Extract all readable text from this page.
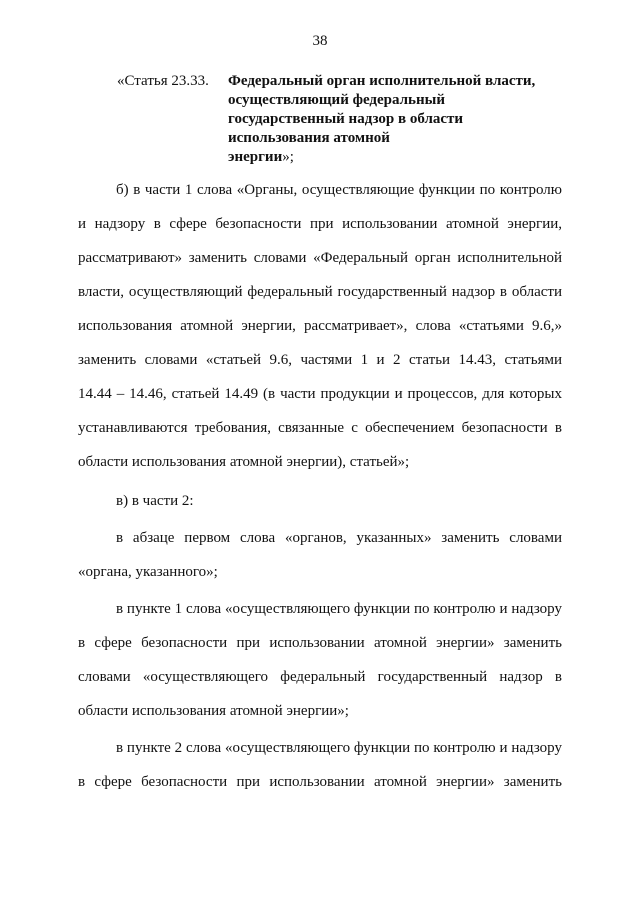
38
«Статья 23.33. Федеральный орган исполнительной власти,
осуществляющий федеральный
государственный надзор в области
использования атомной
энергии»;
б) в части 1 слова «Органы, осуществляющие функции по контролю
и надзору в сфере безопасности при использовании атомной энергии,
рассматривают» заменить словами «Федеральный орган исполнительной
власти, осуществляющий федеральный государственный надзор в области
использования атомной энергии, рассматривает», слова «статьями 9.6,»
заменить словами «статьей 9.6, частями 1 и 2 статьи 14.43, статьями
14.44 – 14.46, статьей 14.49 (в части продукции и процессов, для которых
устанавливаются требования, связанные с обеспечением безопасности в
области использования атомной энергии), статьей»;
в) в части 2:
в абзаце первом слова «органов, указанных» заменить словами
«органа, указанного»;
в пункте 1 слова «осуществляющего функции по контролю и надзору
в сфере безопасности при использовании атомной энергии» заменить
словами «осуществляющего федеральный государственный надзор в
области использования атомной энергии»;
в пункте 2 слова «осуществляющего функции по контролю и надзору
в сфере безопасности при использовании атомной энергии» заменить
